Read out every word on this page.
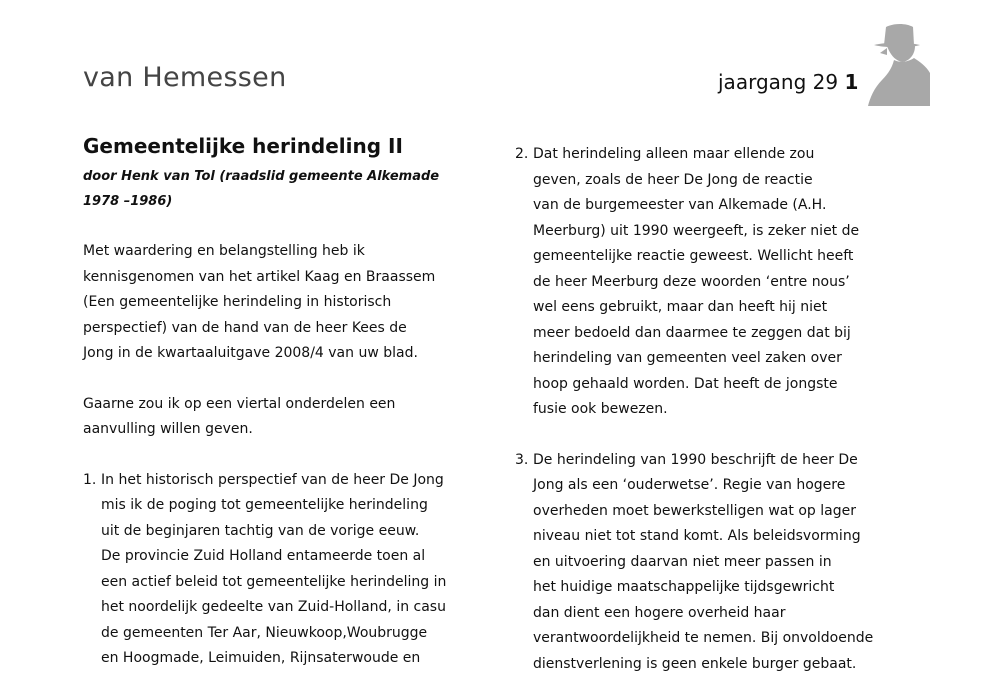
van Hemessen	jaargang 29 1
Gemeentelijke herindeling II
door Henk van Tol (raadslid gemeente Alkemade
1978 –1986)
Met waardering en belangstelling heb ik
kennisgenomen van het artikel Kaag en Braassem
(Een gemeentelijke herindeling in historisch
perspectief) van de hand van de heer Kees de
Jong in de kwartaaluitgave 2008/4 van uw blad.
Gaarne zou ik op een viertal onderdelen een
aanvulling willen geven.
1. In het historisch perspectief van de heer De Jong
mis ik de poging tot gemeentelijke herindeling
uit de beginjaren tachtig van de vorige eeuw.
De provincie Zuid Holland entameerde toen al
een actief beleid tot gemeentelijke herindeling in
het noordelijk gedeelte van Zuid-Holland, in casu
de gemeenten Ter Aar, Nieuwkoop,Woubrugge
en Hoogmade, Leimuiden, Rijnsaterwoude en
2. Dat herindeling alleen maar ellende zou
geven, zoals de heer De Jong de reactie
van de burgemeester van Alkemade (A.H.
Meerburg) uit 1990 weergeeft, is zeker niet de
gemeentelijke reactie geweest. Wellicht heeft
de heer Meerburg deze woorden ‘entre nous’
wel eens gebruikt, maar dan heeft hij niet
meer bedoeld dan daarmee te zeggen dat bij
herindeling van gemeenten veel zaken over
hoop gehaald worden. Dat heeft de jongste
fusie ook bewezen.
3. De herindeling van 1990 beschrijft de heer De
Jong als een ‘ouderwetse’. Regie van hogere
overheden moet bewerkstelligen wat op lager
niveau niet tot stand komt. Als beleidsvorming
en uitvoering daarvan niet meer passen in
het huidige maatschappelijke tijdsgewricht
dan dient een hogere overheid haar
verantwoordelijkheid te nemen. Bij onvoldoende
dienstverlening is geen enkele burger gebaat.
